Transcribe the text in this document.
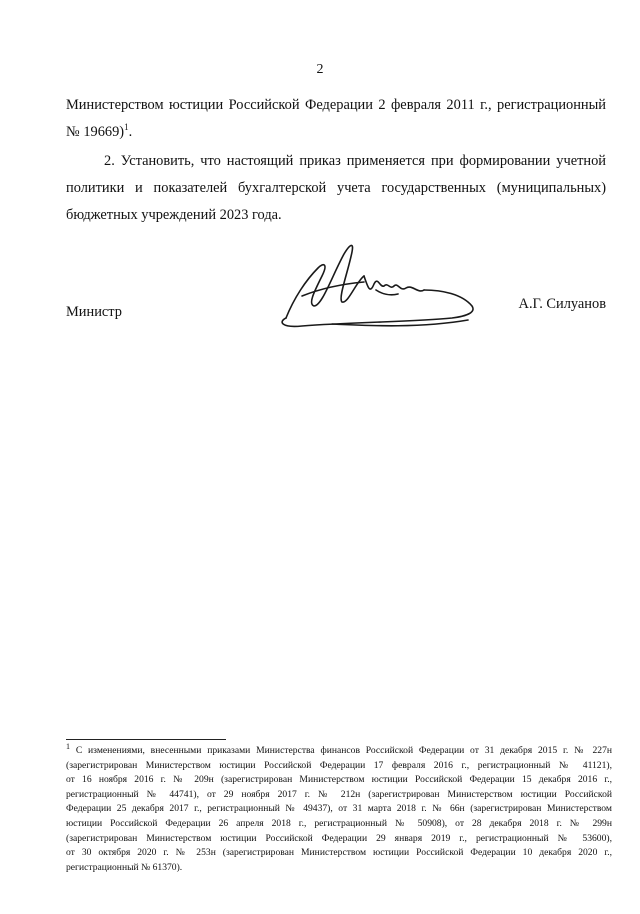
2
Министерством юстиции Российской Федерации 2 февраля 2011 г., регистрационный
№ 19669)$^1$.
2. Установить, что настоящий приказ применяется при формировании учетной
политики и показателей бухгалтерской учета государственных (муниципальных)
бюджетных учреждений 2023 года.
Министр	А.Г. Силуанов
$^1$ С изменениями, внесенными приказами Министерства финансов Российской Федерации от 31 декабря 2015 г. № 227н
(зарегистрирован Министерством юстиции Российской Федерации 17 февраля 2016 г., регистрационный № 41121),
от 16 ноября 2016 г. № 209н (зарегистрирован Министерством юстиции Российской Федерации 15 декабря 2016 г.,
регистрационный № 44741), от 29 ноября 2017 г. № 212н (зарегистрирован Министерством юстиции Российской
Федерации 25 декабря 2017 г., регистрационный № 49437), от 31 марта 2018 г. № 66н (зарегистрирован Министерством
юстиции Российской Федерации 26 апреля 2018 г., регистрационный № 50908), от 28 декабря 2018 г. № 299н
(зарегистрирован Министерством юстиции Российской Федерации 29 января 2019 г., регистрационный № 53600),
от 30 октября 2020 г. № 253н (зарегистрирован Министерством юстиции Российской Федерации 10 декабря 2020 г.,
регистрационный № 61370).
